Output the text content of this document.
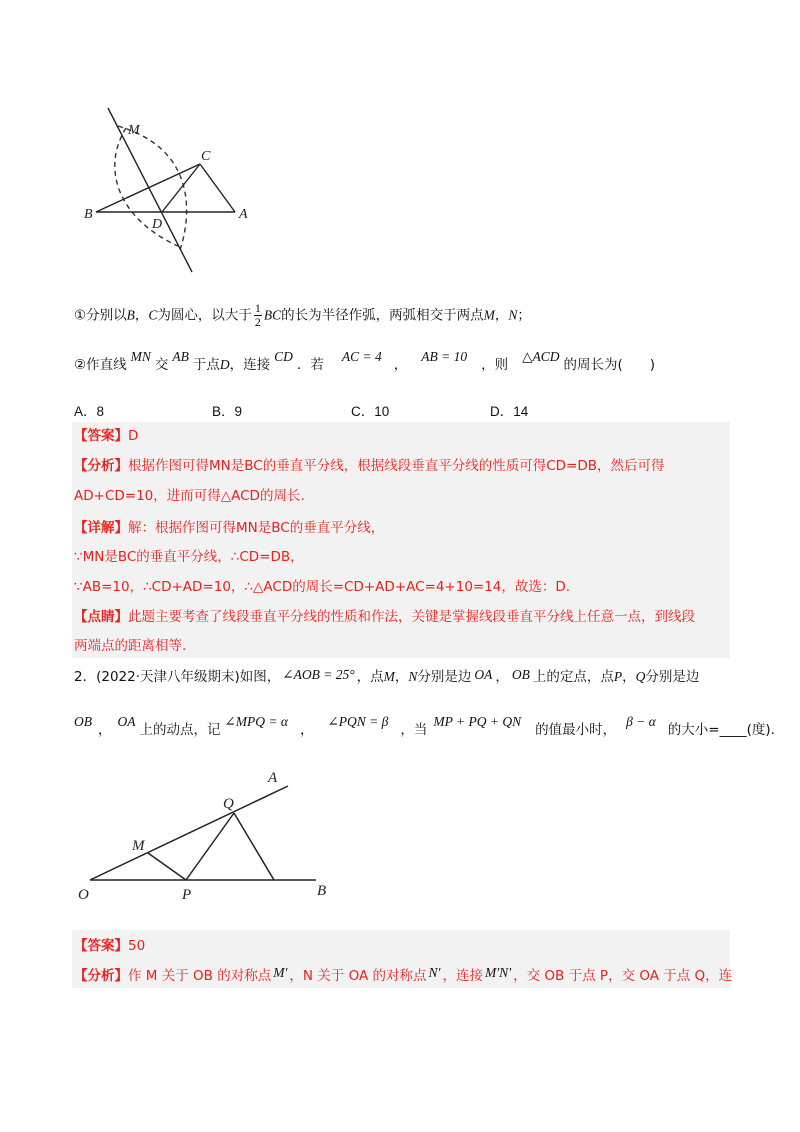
M
C
B
D
A
①分别以B，C为圆心，以大于 $\frac{1}{2}$ BC的长为半径作弧，两弧相交于两点M，N；
②作直线MN交AB于点D，连接CD．若AC = 4，AB = 10，则△ACD的周长为(　　)
A．8	B．9	C．10	D．14
【答案】D
【分析】根据作图可得MN是BC的垂直平分线，根据线段垂直平分线的性质可得CD=DB，然后可得
AD+CD=10，进而可得△ACD的周长.
【详解】解：根据作图可得MN是BC的垂直平分线，
∵MN是BC的垂直平分线，∴CD=DB，
∵AB=10，∴CD+AD=10，∴△ACD的周长=CD+AD+AC=4+10=14，故选：D.
【点睛】此题主要考查了线段垂直平分线的性质和作法，关键是掌握线段垂直平分线上任意一点，到线段
两端点的距离相等.
2．(2022·天津八年级期末)如图， ∠AOB = 25° ，点M，N分别是边 OA ， OB 上的定点，点P，Q分别是边
OB，OA上的动点，记∠MPQ = α，∠PQN = β，当MP + PQ + QN的值最小时，β − α的大小=____(度).
A
Q
M
O	P	B
【答案】50
【分析】作 M 关于 OB 的对称点 M′ ，N 关于 OA 的对称点 N′ ，连接 M′N′ ，交 OB 于点 P，交 OA 于点 Q，连
